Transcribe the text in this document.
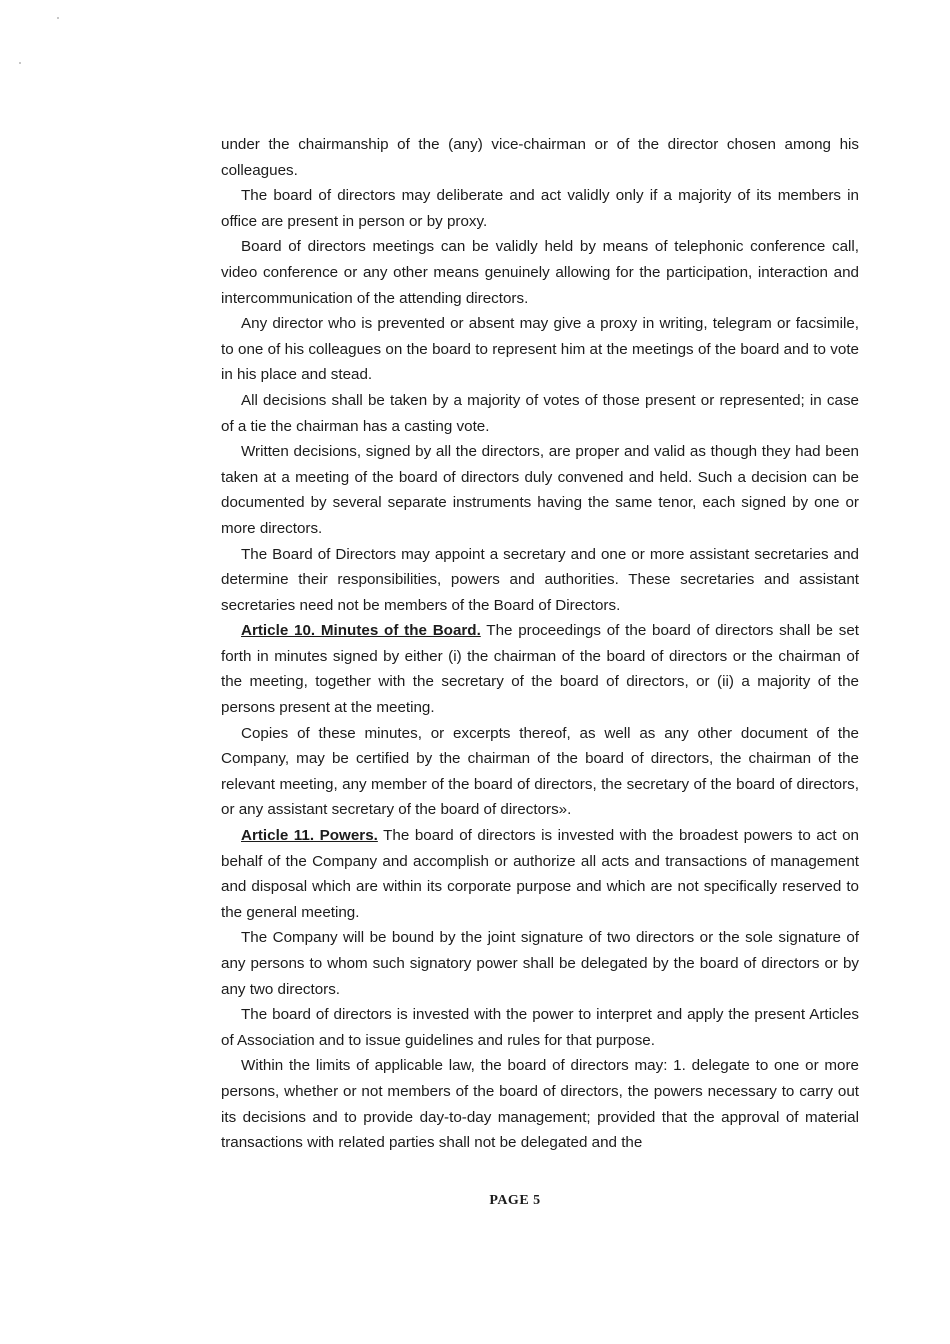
under the chairmanship of the (any) vice-chairman or of the director chosen among his colleagues.

The board of directors may deliberate and act validly only if a majority of its members in office are present in person or by proxy.

Board of directors meetings can be validly held by means of telephonic conference call, video conference or any other means genuinely allowing for the participation, interaction and intercommunication of the attending directors.

Any director who is prevented or absent may give a proxy in writing, telegram or facsimile, to one of his colleagues on the board to represent him at the meetings of the board and to vote in his place and stead.

All decisions shall be taken by a majority of votes of those present or represented; in case of a tie the chairman has a casting vote.

Written decisions, signed by all the directors, are proper and valid as though they had been taken at a meeting of the board of directors duly convened and held. Such a decision can be documented by several separate instruments having the same tenor, each signed by one or more directors.

The Board of Directors may appoint a secretary and one or more assistant secretaries and determine their responsibilities, powers and authorities. These secretaries and assistant secretaries need not be members of the Board of Directors.

Article 10. Minutes of the Board. The proceedings of the board of directors shall be set forth in minutes signed by either (i) the chairman of the board of directors or the chairman of the meeting, together with the secretary of the board of directors, or (ii) a majority of the persons present at the meeting.

Copies of these minutes, or excerpts thereof, as well as any other document of the Company, may be certified by the chairman of the board of directors, the chairman of the relevant meeting, any member of the board of directors, the secretary of the board of directors, or any assistant secretary of the board of directors».

Article 11. Powers. The board of directors is invested with the broadest powers to act on behalf of the Company and accomplish or authorize all acts and transactions of management and disposal which are within its corporate purpose and which are not specifically reserved to the general meeting.

The Company will be bound by the joint signature of two directors or the sole signature of any persons to whom such signatory power shall be delegated by the board of directors or by any two directors.

The board of directors is invested with the power to interpret and apply the present Articles of Association and to issue guidelines and rules for that purpose.

Within the limits of applicable law, the board of directors may: 1. delegate to one or more persons, whether or not members of the board of directors, the powers necessary to carry out its decisions and to provide day-to-day management; provided that the approval of material transactions with related parties shall not be delegated and the

PAGE 5
